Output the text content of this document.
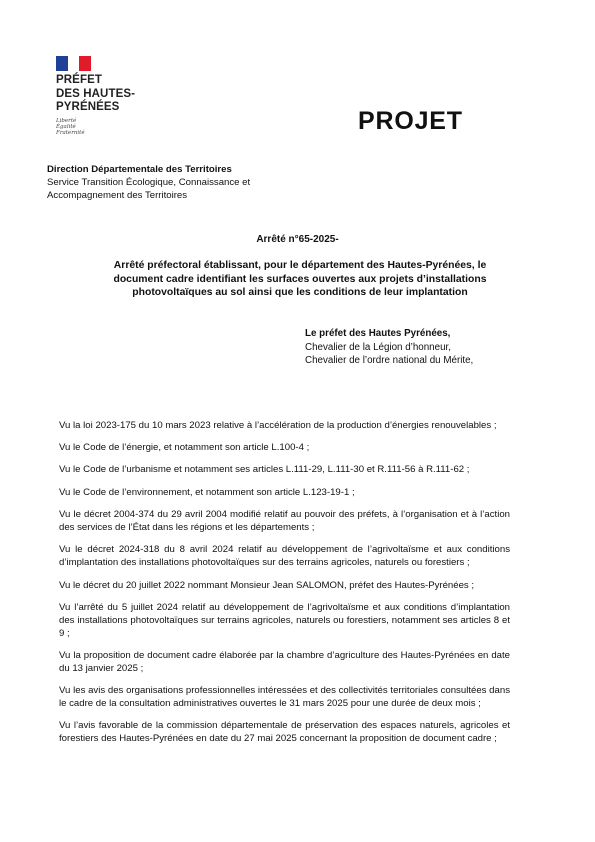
PRÉFET
DES HAUTES-
PYRÉNÉES
Liberté
Égalité
Fraternité	PROJET
Direction Départementale des Territoires
Service Transition Écologique, Connaissance et
Accompagnement des Territoires
Arrêté n°65-2025-
Arrêté préfectoral établissant, pour le département des Hautes-Pyrénées, le
document cadre identifiant les surfaces ouvertes aux projets d’installations
photovoltaïques au sol ainsi que les conditions de leur implantation
Le préfet des Hautes Pyrénées,
Chevalier de la Légion d’honneur,
Chevalier de l’ordre national du Mérite,

Vu la loi 2023-175 du 10 mars 2023 relative à l’accélération de la production d’énergies renouvelables ;

Vu le Code de l’énergie, et notamment son article L.100-4 ;

Vu le Code de l’urbanisme et notamment ses articles L.111-29, L.111-30 et R.111-56 à R.111-62 ;

Vu le Code de l’environnement, et notamment son article L.123-19-1 ;

Vu le décret 2004-374 du 29 avril 2004 modifié relatif au pouvoir des préfets, à l’organisation et à l’action des services de l’État dans les régions et les départements ;

Vu le décret 2024-318 du 8 avril 2024 relatif au développement de l’agrivoltaïsme et aux conditions d’implantation des installations photovoltaïques sur des terrains agricoles, naturels ou forestiers ;

Vu le décret du 20 juillet 2022 nommant Monsieur Jean SALOMON, préfet des Hautes-Pyrénées ;

Vu l’arrêté du 5 juillet 2024 relatif au développement de l’agrivoltaïsme et aux conditions d’implantation des installations photovoltaïques sur terrains agricoles, naturels ou forestiers, notamment ses articles 8 et 9 ;

Vu la proposition de document cadre élaborée par la chambre d’agriculture des Hautes-Pyrénées en date du 13 janvier 2025 ;

Vu les avis des organisations professionnelles intéressées et des collectivités territoriales consultées dans le cadre de la consultation administratives ouvertes le 31 mars 2025 pour une durée de deux mois ;

Vu l’avis favorable de la commission départementale de préservation des espaces naturels, agricoles et forestiers des Hautes-Pyrénées en date du 27 mai 2025 concernant la proposition de document cadre ;
